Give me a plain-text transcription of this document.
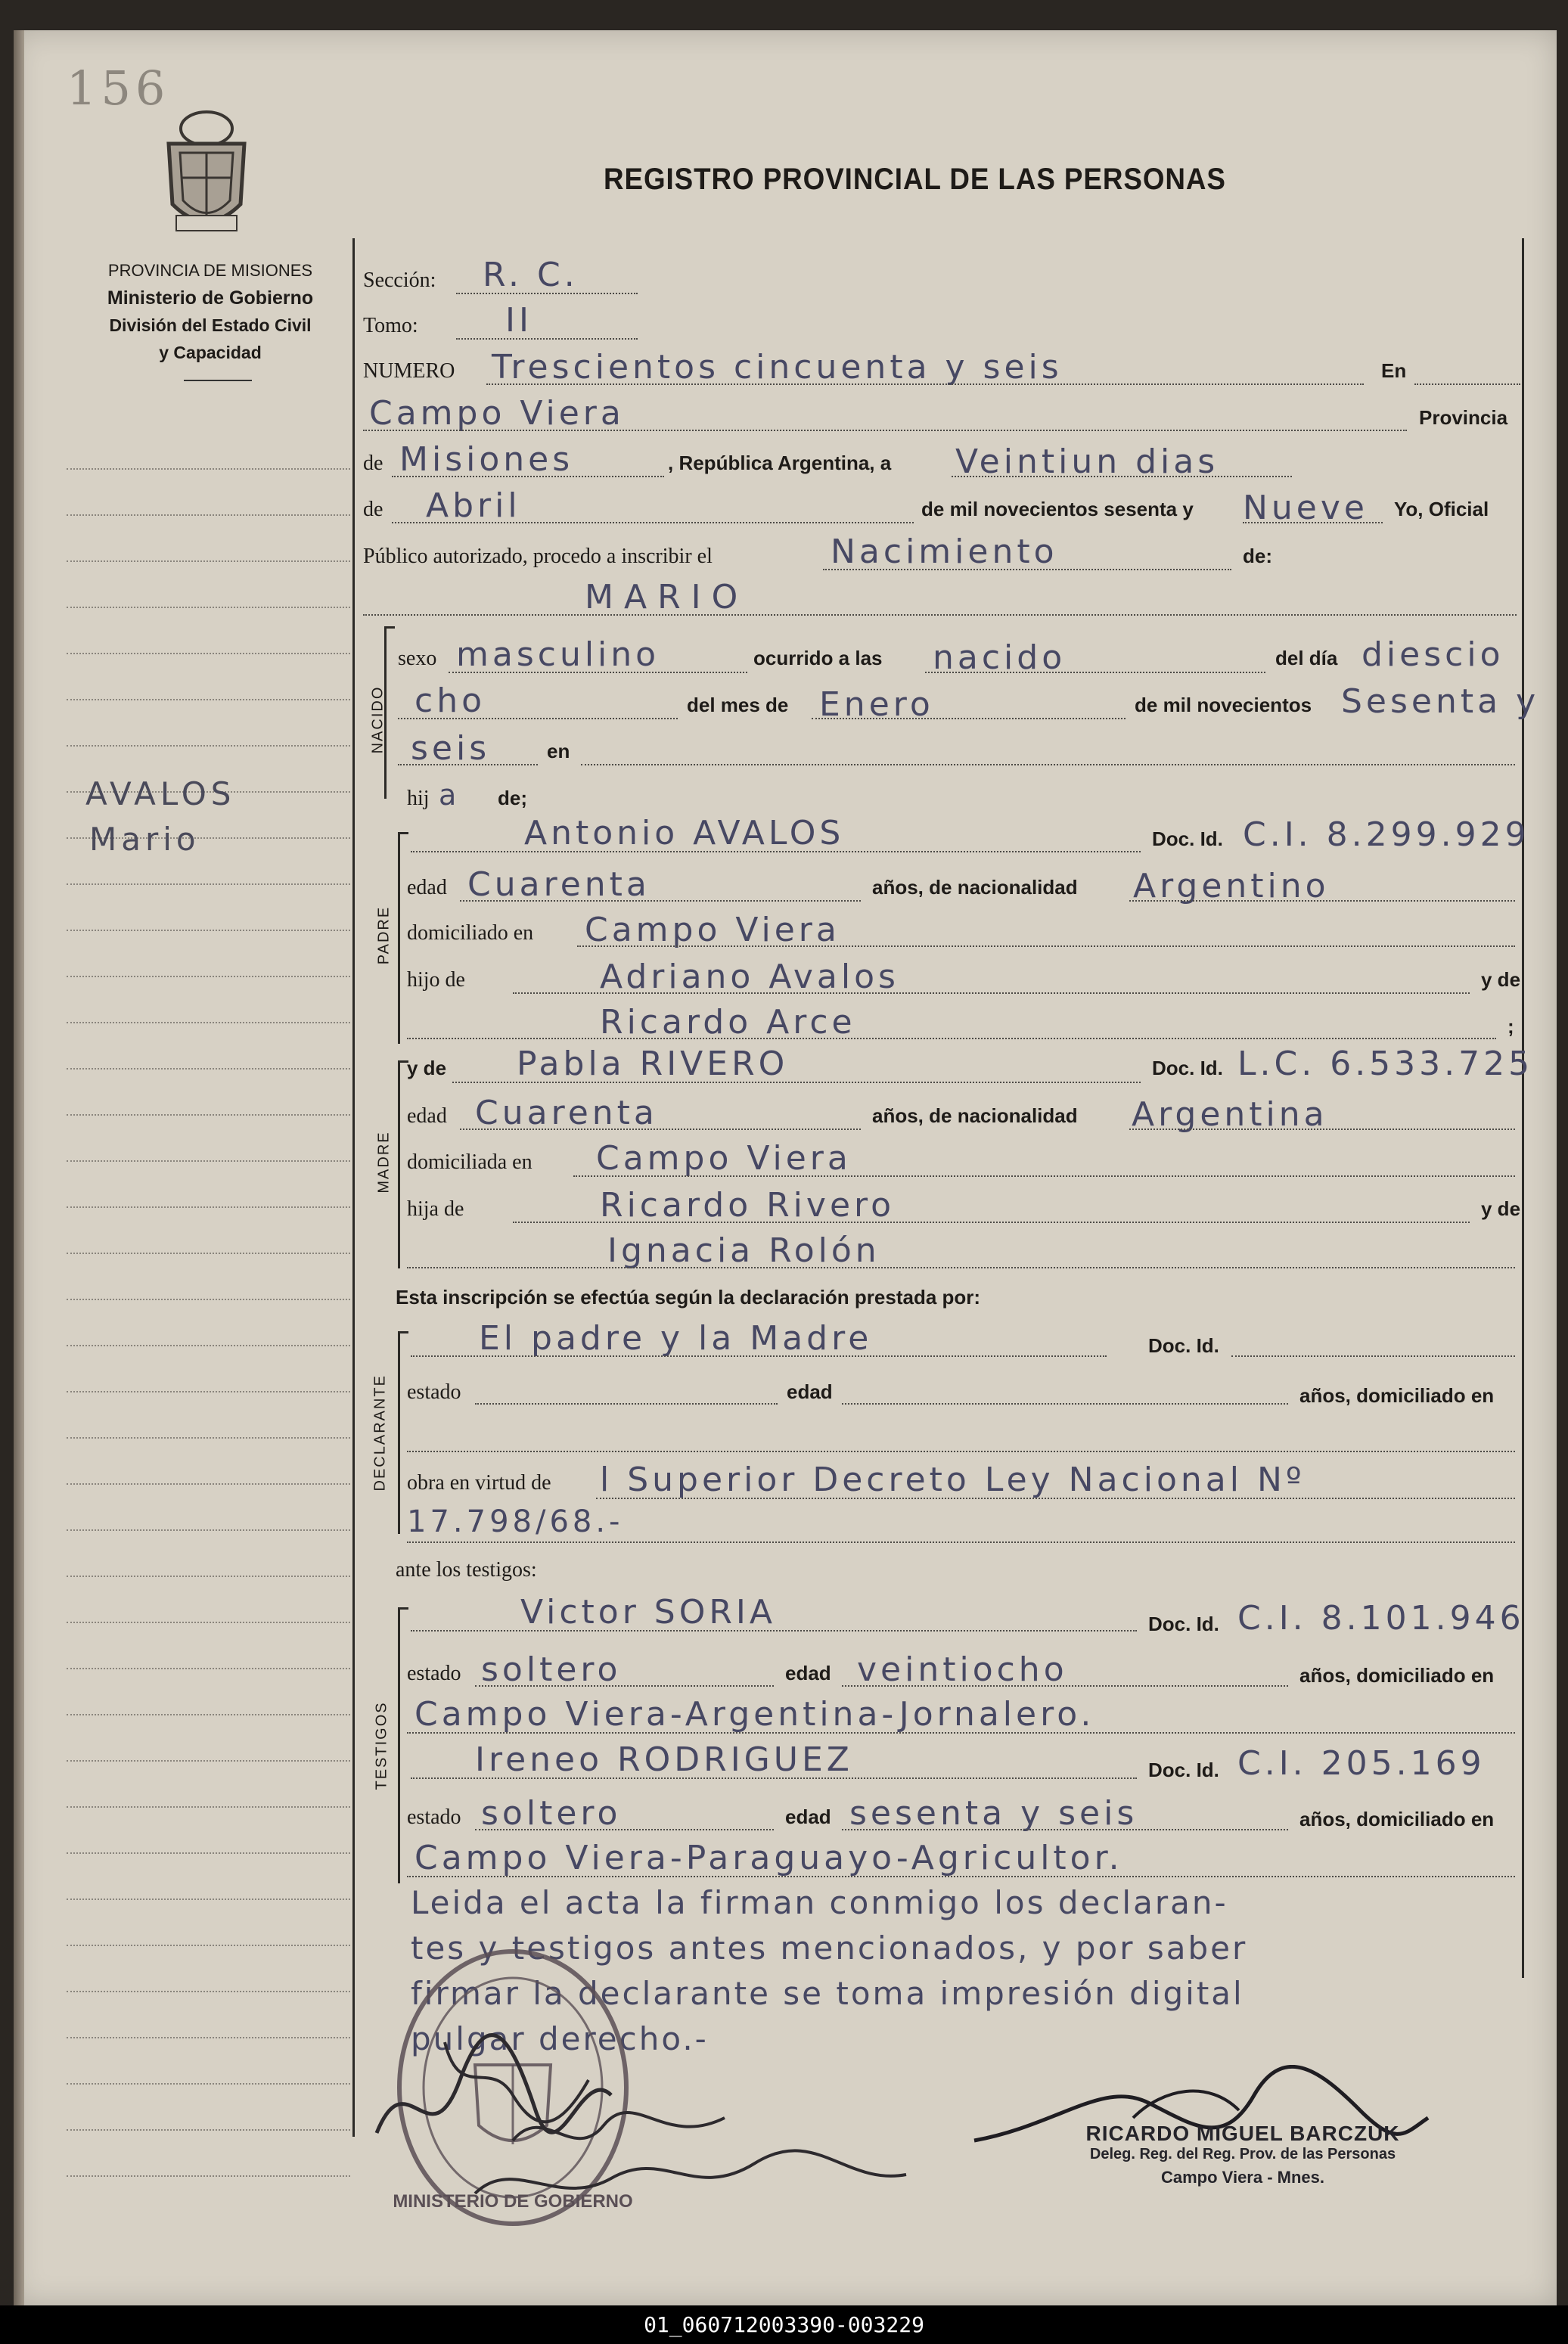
156
PROVINCIA DE MISIONES
Ministerio de Gobierno
División del Estado Civil
y Capacidad
REGISTRO PROVINCIAL DE LAS PERSONAS
AVALOS
Mario
Sección: R. C.
Tomo:	II
NUMERO Trescientos cincuenta y seis	En
Campo Viera	Provincia
de Misiones	, República Argentina, a Veintiun dias
de Abril	de mil novecientos sesenta y Nueve Yo, Oficial
Público autorizado, procedo a inscribir el	Nacimiento	de:
MARIO
NACIDO
sexo masculino	ocurrido a las nacido	del día diescio
cho	del mes de Enero	de mil novecientos Sesenta y
seis	en
hij a de;
PADRE
Antonio AVALOS	Doc. Id. C.I. 8.299.929
edad Cuarenta	años, de nacionalidad Argentino
domiciliado en Campo Viera
hijo de	Adriano Avalos	y de
Ricardo Arce	;
MADRE
y de Pabla RIVERO	Doc. Id. L.C. 6.533.725
edad Cuarenta	años, de nacionalidad Argentina
domiciliada en Campo Viera
hija de	Ricardo Rivero	y de
Ignacia Rolón
Esta inscripción se efectúa según la declaración prestada por:
DECLARANTE
El padre y la Madre	Doc. Id.
estado	edad	años, domiciliado en
obra en virtud de l Superior Decreto Ley Nacional Nº
17.798/68.-
ante los testigos:
TESTIGOS
Victor SORIA	Doc. Id. C.I. 8.101.946
estado soltero	edad veintiocho	años, domiciliado en
Campo Viera-Argentina-Jornalero.
Ireneo RODRIGUEZ	Doc. Id. C.I. 205.169
estado soltero	edad sesenta y seis	años, domiciliado en
Campo Viera-Paraguayo-Agricultor.
Leida el acta la firman conmigo los declaran-
tes y testigos antes mencionados, y por saber
firmar la declarante se toma impresión digital
pulgar derecho.-
MINISTERIO DE GOBIERNO
RICARDO MIGUEL BARCZUK
Deleg. Reg. del Reg. Prov. de las Personas
Campo Viera - Mnes.
01_060712003390-003229
